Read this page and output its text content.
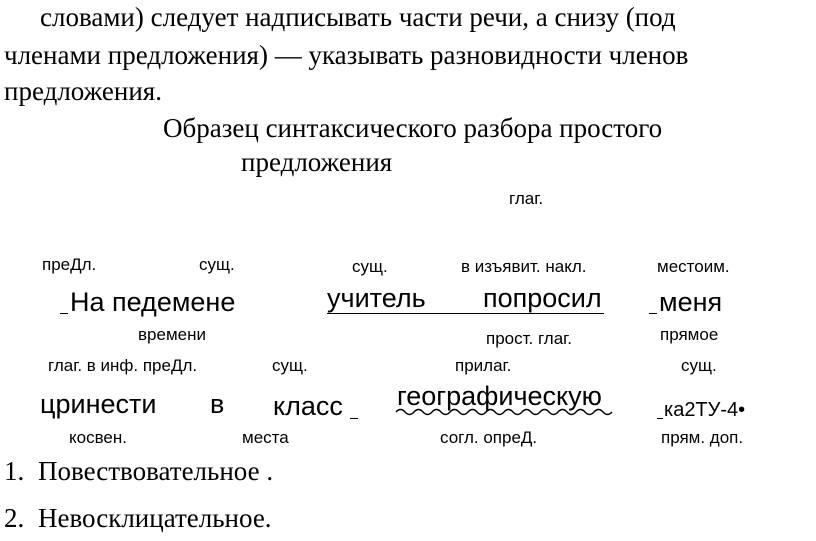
словами) следует надписывать части речи, а снизу (под
членами предложения) — указывать разновидности членов
предложения.
Образец синтаксического разбора простого
предложения
глаг.
преДл.	сущ.	сущ.	в изъявит. накл.	местоим.
На педемене	учитель попросил меня
времени	прост. глаг.	прямое
глаг. в инф. преДл.	сущ.	прилаг.	сущ.
цринести в класс географическую	ка2ТУ-4•
косвен.	места	согл. опреД.	прям. доп.
1. Повествовательное .
2. Невосклицательное.
